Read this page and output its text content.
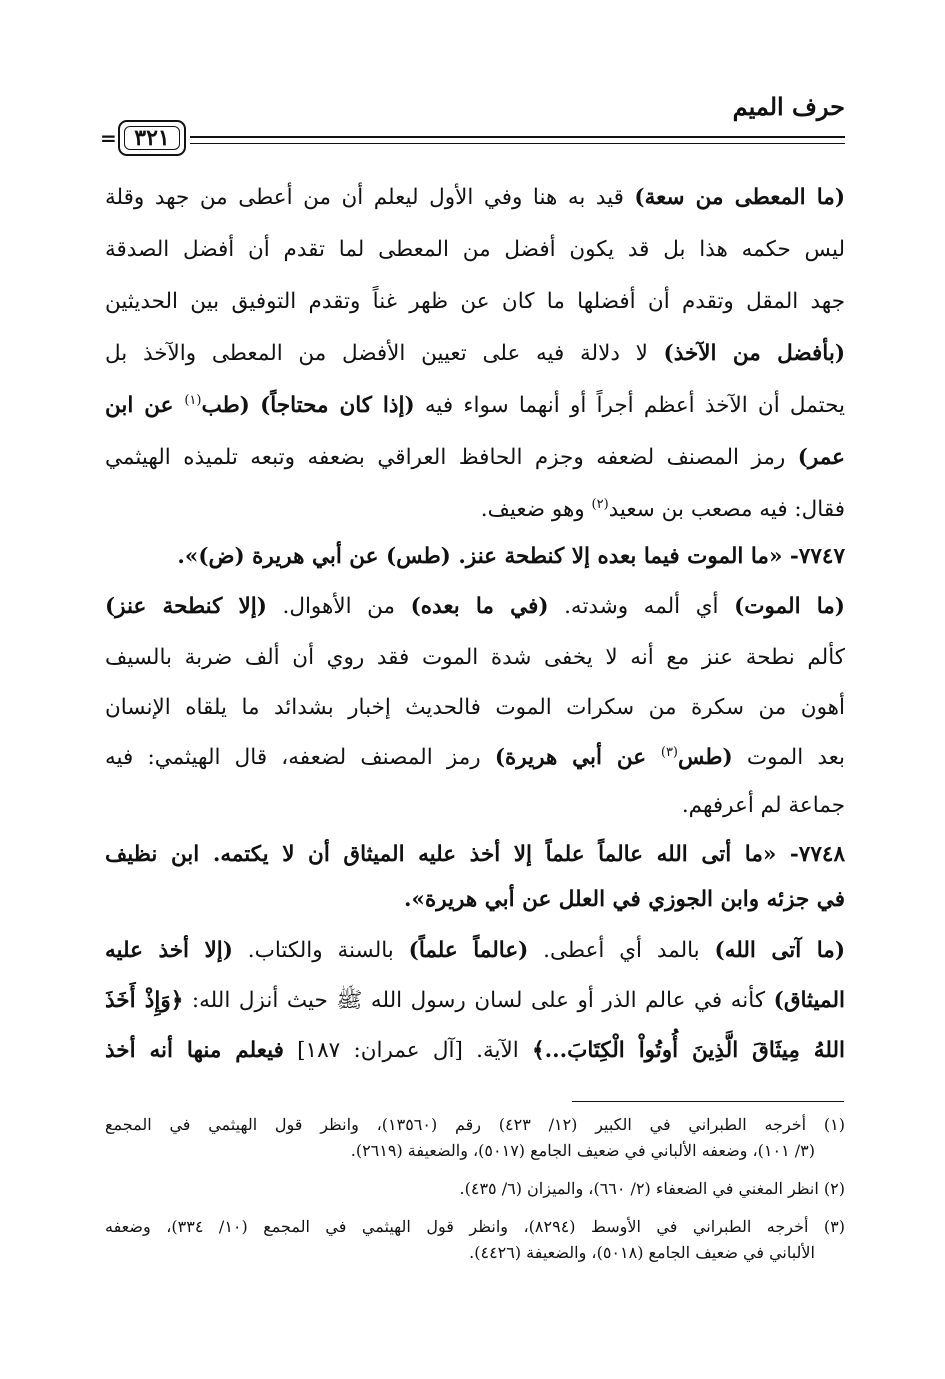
حرف الميم
٣٢١
=
(ما المعطى من سعة) قيد به هنا وفي الأول ليعلم أن من أعطى من جهد وقلة
ليس حكمه هذا بل قد يكون أفضل من المعطى لما تقدم أن أفضل الصدقة
جهد المقل وتقدم أن أفضلها ما كان عن ظهر غناً وتقدم التوفيق بين الحديثين
(بأفضل من الآخذ) لا دلالة فيه على تعيين الأفضل من المعطى والآخذ بل
يحتمل أن الآخذ أعظم أجراً أو أنهما سواء فيه (إذا كان محتاجاً) (طب$^{(١)}$ عن ابن
عمر) رمز المصنف لضعفه وجزم الحافظ العراقي بضعفه وتبعه تلميذه الهيثمي
فقال: فيه مصعب بن سعيد$^{(٢)}$ وهو ضعيف.
٧٧٤٧- «ما الموت فيما بعده إلا كنطحة عنز. (طس) عن أبي هريرة (ض)».
(ما الموت) أي ألمه وشدته. (في ما بعده) من الأهوال. (إلا كنطحة عنز)
كألم نطحة عنز مع أنه لا يخفى شدة الموت فقد روي أن ألف ضربة بالسيف
أهون من سكرة من سكرات الموت فالحديث إخبار بشدائد ما يلقاه الإنسان
بعد الموت (طس$^{(٣)}$ عن أبي هريرة) رمز المصنف لضعفه، قال الهيثمي: فيه
جماعة لم أعرفهم.
٧٧٤٨- «ما أتى الله عالماً علماً إلا أخذ عليه الميثاق أن لا يكتمه. ابن نظيف
في جزئه وابن الجوزي في العلل عن أبي هريرة».
(ما آتى الله) بالمد أي أعطى. (عالماً علماً) بالسنة والكتاب. (إلا أخذ عليه
الميثاق) كأنه في عالم الذر أو على لسان رسول الله ﷺ حيث أنزل الله: ﴿وَإِذْ أَخَذَ
اللهُ مِيثَاقَ الَّذِينَ أُوتُواْ الْكِتَابَ...﴾ الآية. [آل عمران: ١٨٧] فيعلم منها أنه أخذ
(١) أخرجه الطبراني في الكبير (١٢/ ٤٢٣) رقم (١٣٥٦٠)، وانظر قول الهيثمي في المجمع
(٣/ ١٠١)، وضعفه الألباني في ضعيف الجامع (٥٠١٧)، والضعيفة (٢٦١٩).
(٢) انظر المغني في الضعفاء (٢/ ٦٦٠)، والميزان (٦/ ٤٣٥).
(٣) أخرجه الطبراني في الأوسط (٨٢٩٤)، وانظر قول الهيثمي في المجمع (١٠/ ٣٣٤)، وضعفه
الألباني في ضعيف الجامع (٥٠١٨)، والضعيفة (٤٤٢٦).
